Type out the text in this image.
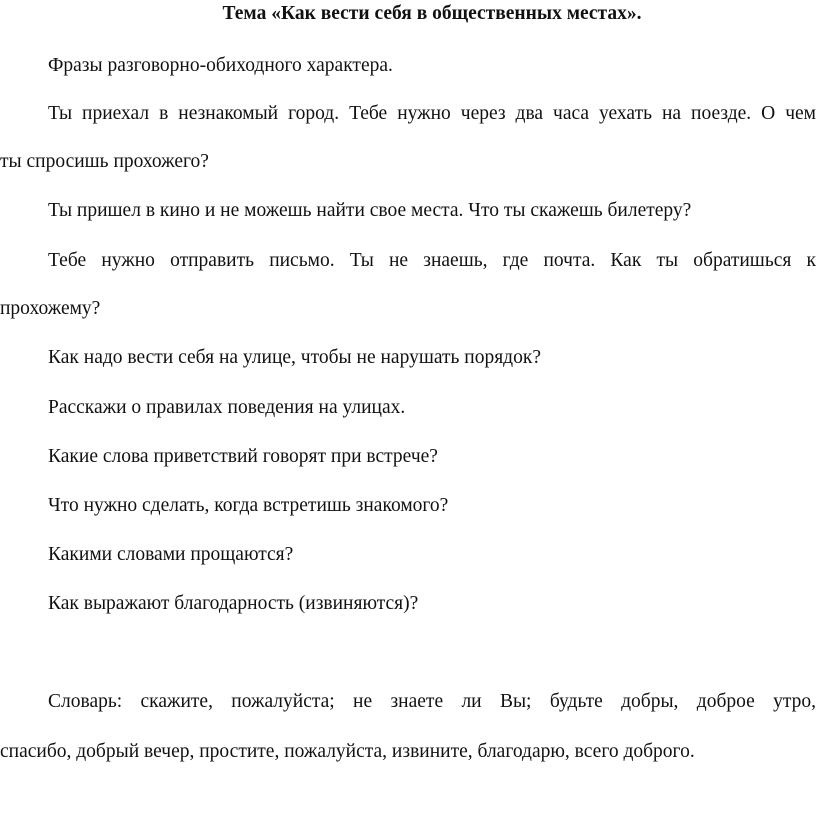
Тема «Как вести себя в общественных местах».
Фразы разговорно-обиходного характера.
Ты приехал в незнакомый город. Тебе нужно через два часа уехать на поезде. О чем
ты спросишь прохожего?
Ты пришел в кино и не можешь найти свое места. Что ты скажешь билетеру?
Тебе нужно отправить письмо. Ты не знаешь, где почта. Как ты обратишься к
прохожему?
Как надо вести себя на улице, чтобы не нарушать порядок?
Расскажи о правилах поведения на улицах.
Какие слова приветствий говорят при встрече?
Что нужно сделать, когда встретишь знакомого?
Какими словами прощаются?
Как выражают благодарность (извиняются)?
Словарь: скажите, пожалуйста; не знаете ли Вы; будьте добры, доброе утро,
спасибо, добрый вечер, простите, пожалуйста, извините, благодарю, всего доброго.
